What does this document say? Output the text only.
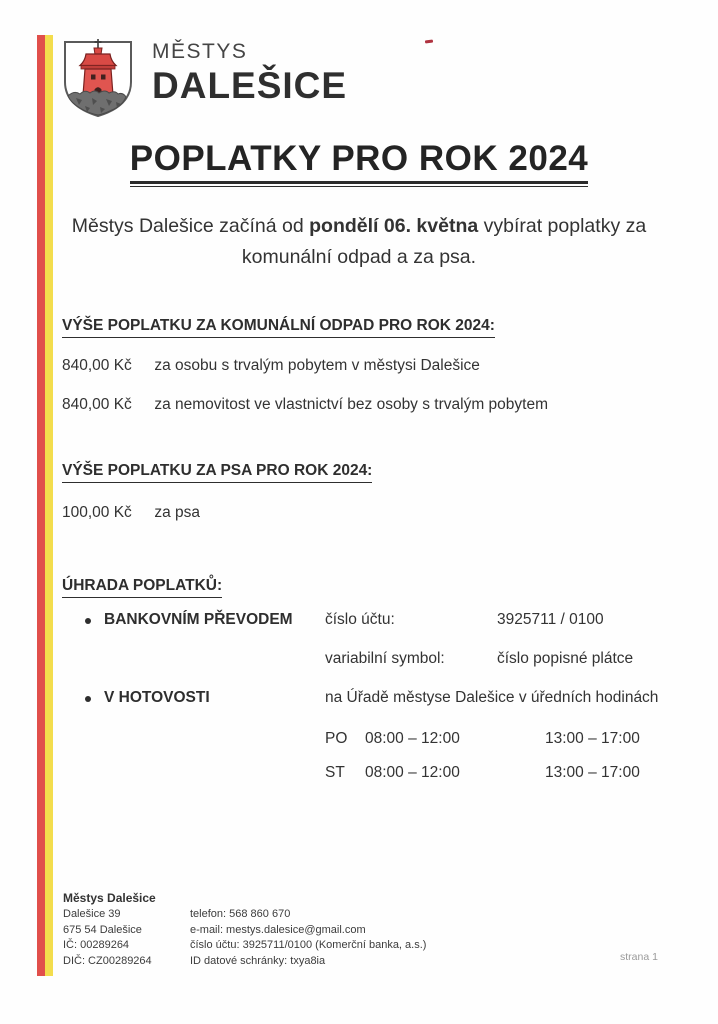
MĚSTYS
DALEŠICE
POPLATKY PRO ROK 2024
Městys Dalešice začíná od pondělí 06. května vybírat poplatky za komunální odpad a za psa.
VÝŠE POPLATKU ZA KOMUNÁLNÍ ODPAD PRO ROK 2024:
840,00 Kč za osobu s trvalým pobytem v městysi Dalešice
840,00 Kč za nemovitost ve vlastnictví bez osoby s trvalým pobytem
VÝŠE POPLATKU ZA PSA PRO ROK 2024:
100,00 Kč za psa
ÚHRADA POPLATKŮ:
BANKOVNÍM PŘEVODEM číslo účtu:	3925711 / 0100
variabilní symbol:	číslo popisné plátce
V HOTOVOSTI	na Úřadě městyse Dalešice v úředních hodinách
PO 08:00 – 12:00	13:00 – 17:00
ST 08:00 – 12:00	13:00 – 17:00
Městys Dalešice
Dalešice 39
675 54 Dalešice
IČ: 00289264
DIČ: CZ00289264
telefon: 568 860 670
e-mail: mestys.dalesice@gmail.com
číslo účtu: 3925711/0100 (Komerční banka, a.s.)
ID datové schránky: txya8ia	strana 1
